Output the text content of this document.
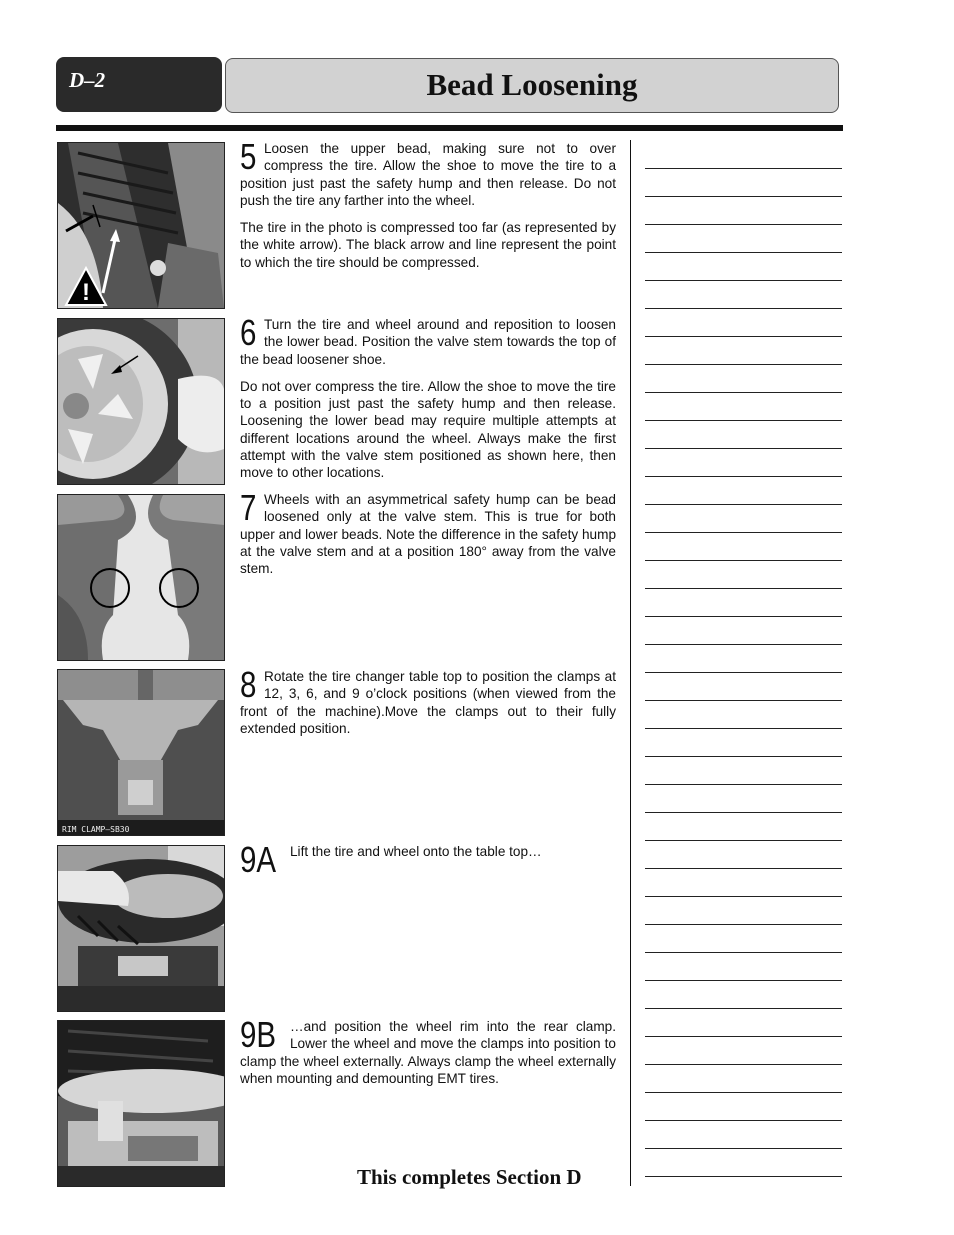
D–2	Bead Loosening
!
RIM CLAMP—SB30

5 Loosen the upper bead, making sure not to over compress the tire. Allow the shoe to move the tire to a position just past the safety hump and then release. Do not push the tire any farther into the wheel.

The tire in the photo is compressed too far (as represented by the white arrow). The black arrow and line represent the point to which the tire should be compressed.

6 Turn the tire and wheel around and reposition to loosen the lower bead. Position the valve stem towards the top of the bead loosener shoe.

Do not over compress the tire. Allow the shoe to move the tire to a position just past the safety hump and then release. Loosening the lower bead may require multiple attempts at different locations around the wheel. Always make the first attempt with the valve stem positioned as shown here, then move to other locations.

7 Wheels with an asymmetrical safety hump can be bead loosened only at the valve stem. This is true for both upper and lower beads. Note the difference in the safety hump at the valve stem and at a position 180° away from the valve stem.

8 Rotate the tire changer table top to position the clamps at 12, 3, 6, and 9 o’clock positions (when viewed from the front of the machine).Move the clamps out to their fully extended position.

9A Lift the tire and wheel onto the table top…

9B …and position the wheel rim into the rear clamp. Lower the wheel and move the clamps into position to clamp the wheel externally. Always clamp the wheel externally when mounting and demounting EMT tires.

This completes Section D
